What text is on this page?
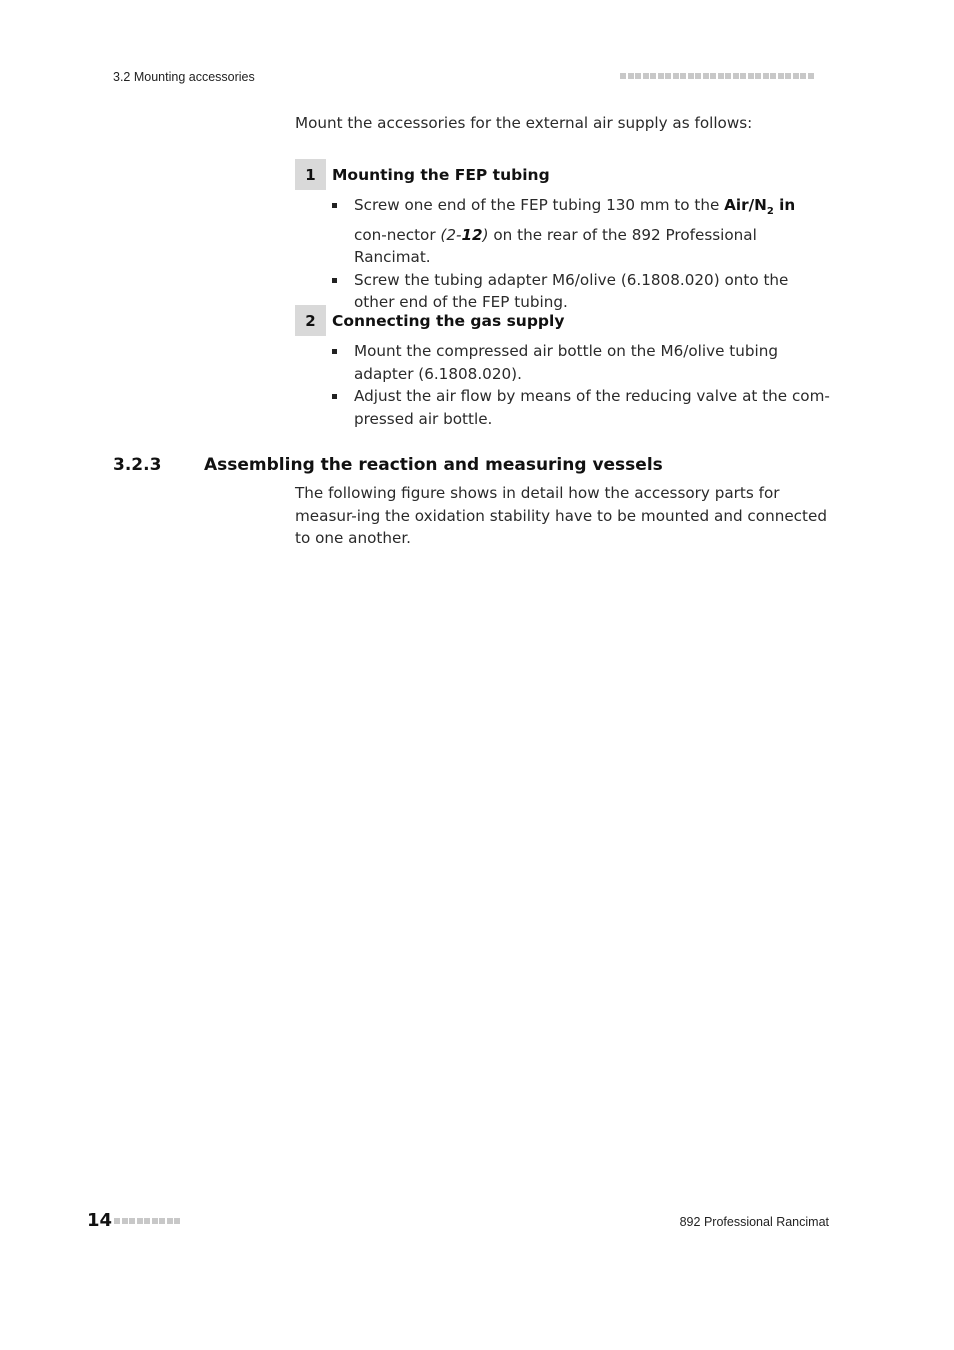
3.2 Mounting accessories
Mount the accessories for the external air supply as follows:
1	Mounting the FEP tubing
Screw one end of the FEP tubing 130 mm to the Air/$N_2$ in con-nector (2-12) on the rear of the 892 Professional Rancimat.
Screw the tubing adapter M6/olive (6.1808.020) onto the other end of the FEP tubing.
2	Connecting the gas supply
Mount the compressed air bottle on the M6/olive tubing adapter (6.1808.020).
Adjust the air flow by means of the reducing valve at the com-pressed air bottle.
3.2.3	Assembling the reaction and measuring vessels
The following figure shows in detail how the accessory parts for measur-ing the oxidation stability have to be mounted and connected to one another.
14	892 Professional Rancimat
